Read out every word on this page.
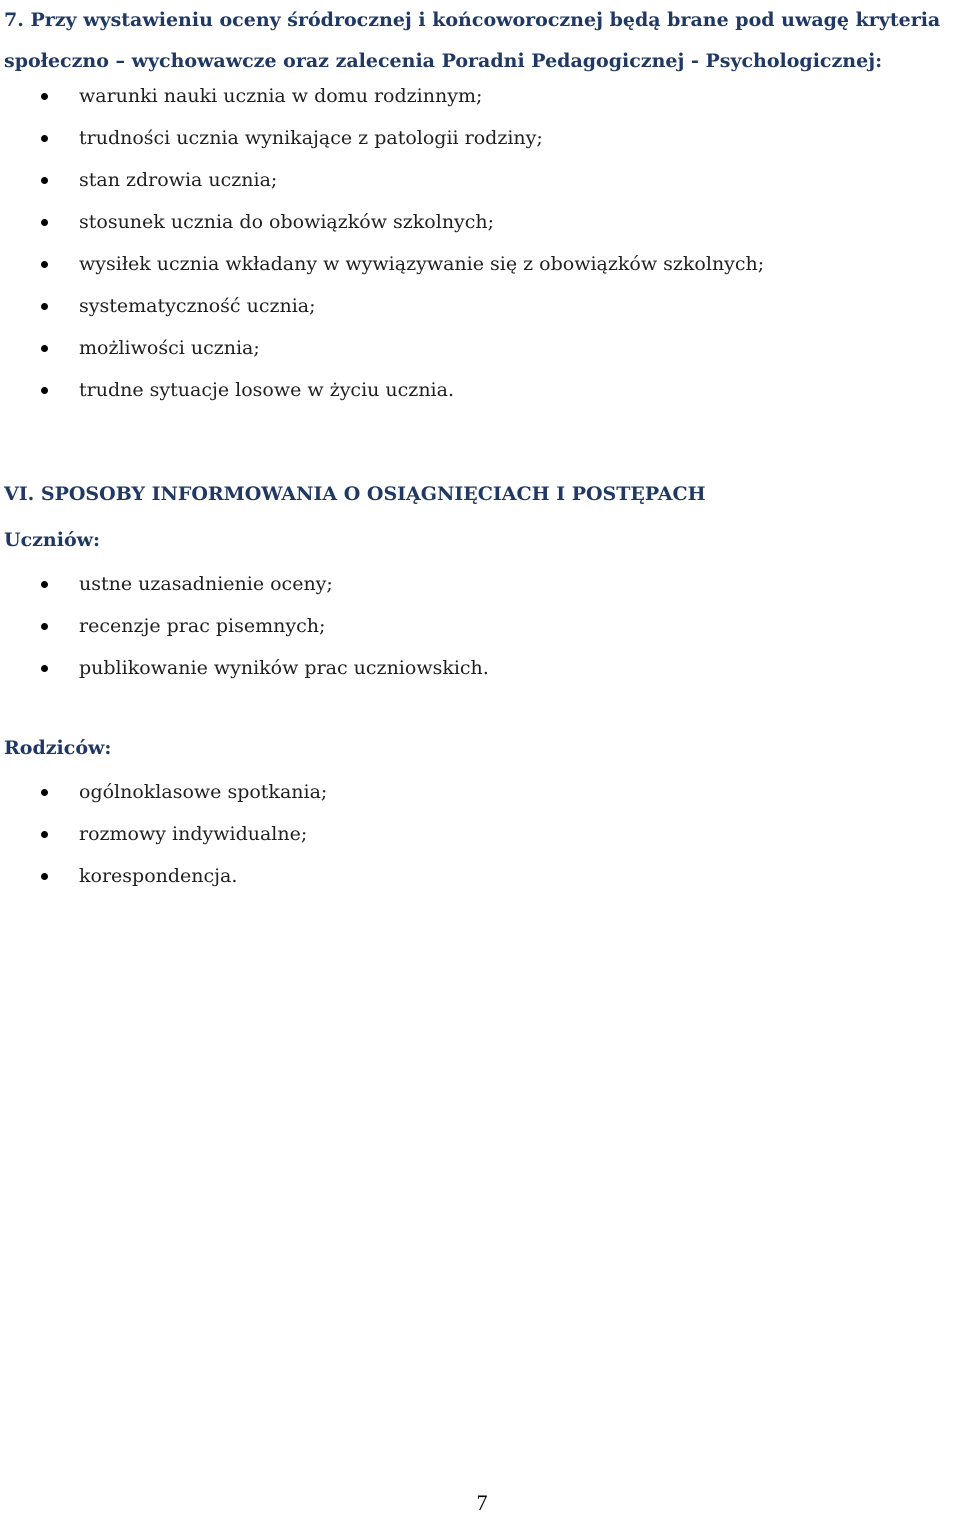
7. Przy wystawieniu oceny śródrocznej i końcoworocznej będą brane pod uwagę kryteria
społeczno – wychowawcze oraz zalecenia Poradni Pedagogicznej - Psychologicznej:
warunki nauki ucznia w domu rodzinnym;
trudności ucznia wynikające z patologii rodziny;
stan zdrowia ucznia;
stosunek ucznia do obowiązków szkolnych;
wysiłek ucznia wkładany w wywiązywanie się z obowiązków szkolnych;
systematyczność ucznia;
możliwości ucznia;
trudne sytuacje losowe w życiu ucznia.
VI. SPOSOBY INFORMOWANIA O OSIĄGNIĘCIACH I POSTĘPACH
Uczniów:
ustne uzasadnienie oceny;
recenzje prac pisemnych;
publikowanie wyników prac uczniowskich.
Rodziców:
ogólnoklasowe spotkania;
rozmowy indywidualne;
korespondencja.
7
